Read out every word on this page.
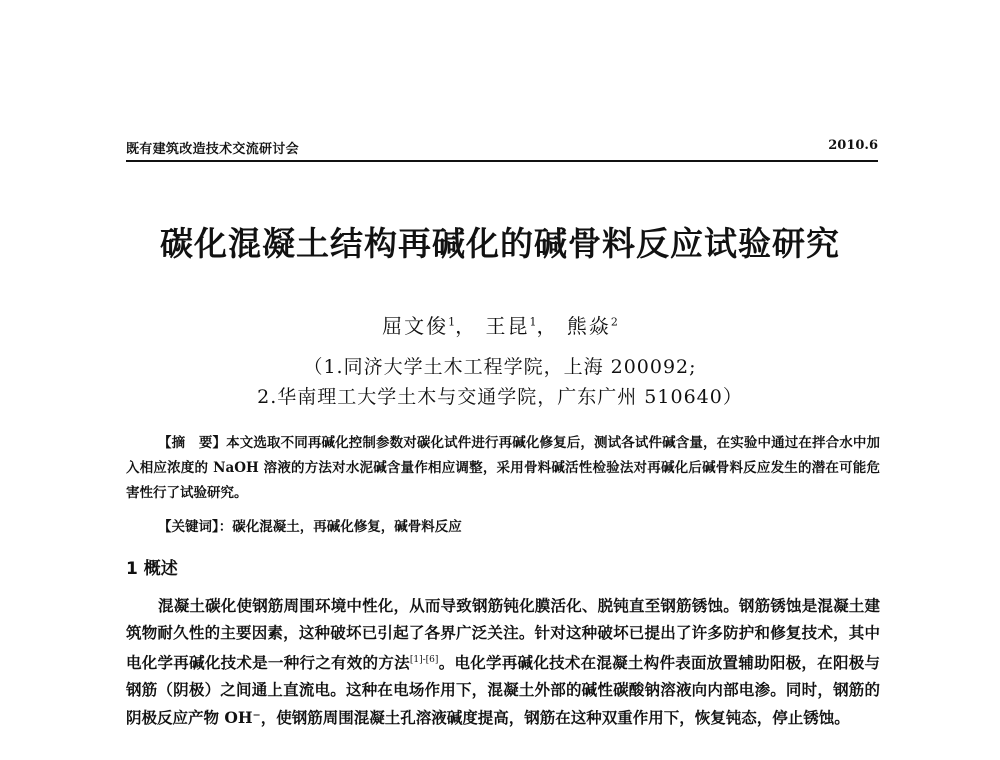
既有建筑改造技术交流研讨会	2010.6
碳化混凝土结构再碱化的碱骨料反应试验研究
屈文俊$^1$， 王昆$^1$， 熊焱$^2$
（1.同济大学土木工程学院，上海 200092;
2.华南理工大学土木与交通学院，广东广州 510640）
【摘　要】本文选取不同再碱化控制参数对碳化试件进行再碱化修复后，测试各试件碱含量，在实验中通过在拌合水中加入相应浓度的 NaOH 溶液的方法对水泥碱含量作相应调整，采用骨料碱活性检验法对再碱化后碱骨料反应发生的潜在可能危害性行了试验研究。
【关键词】：碳化混凝土，再碱化修复，碱骨料反应
1 概述
混凝土碳化使钢筋周围环境中性化，从而导致钢筋钝化膜活化、脱钝直至钢筋锈蚀。钢筋锈蚀是混凝土建筑物耐久性的主要因素，这种破坏已引起了各界广泛关注。针对这种破坏已提出了许多防护和修复技术，其中电化学再碱化技术是一种行之有效的方法[1]-[6]。电化学再碱化技术在混凝土构件表面放置辅助阳极，在阳极与钢筋（阴极）之间通上直流电。这种在电场作用下，混凝土外部的碱性碳酸钠溶液向内部电渗。同时，钢筋的阴极反应产物 OH⁻，使钢筋周围混凝土孔溶液碱度提高，钢筋在这种双重作用下，恢复钝态，停止锈蚀。
